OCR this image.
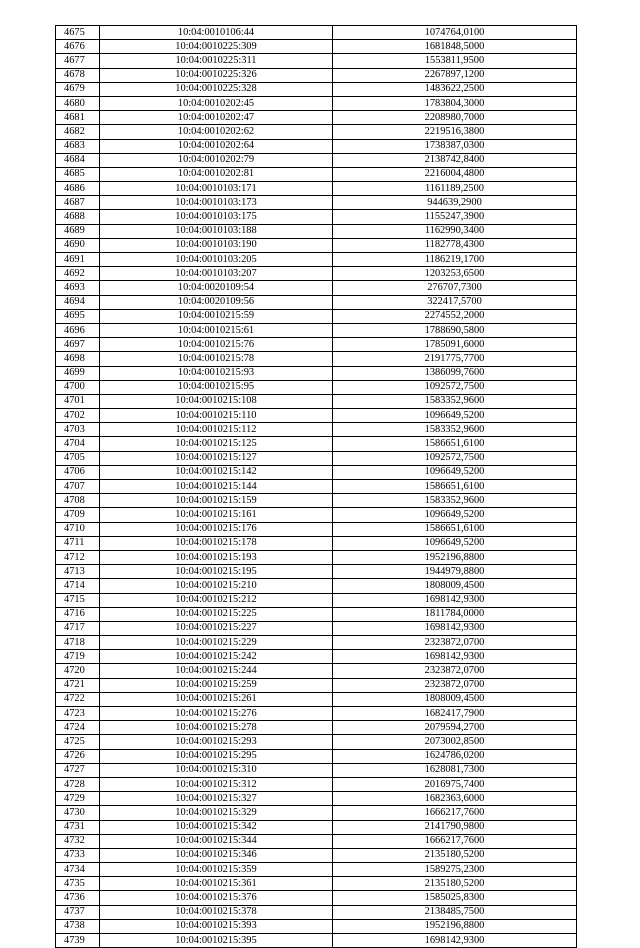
4675	10:04:0010106:44	1074764,0100
4676	10:04:0010225:309	1681848,5000
4677	10:04:0010225:311	1553811,9500
4678	10:04:0010225:326	2267897,1200
4679	10:04:0010225:328	1483622,2500
4680	10:04:0010202:45	1783804,3000
4681	10:04:0010202:47	2208980,7000
4682	10:04:0010202:62	2219516,3800
4683	10:04:0010202:64	1738387,0300
4684	10:04:0010202:79	2138742,8400
4685	10:04:0010202:81	2216004,4800
4686	10:04:0010103:171	1161189,2500
4687	10:04:0010103:173	944639,2900
4688	10:04:0010103:175	1155247,3900
4689	10:04:0010103:188	1162990,3400
4690	10:04:0010103:190	1182778,4300
4691	10:04:0010103:205	1186219,1700
4692	10:04:0010103:207	1203253,6500
4693	10:04:0020109:54	276707,7300
4694	10:04:0020109:56	322417,5700
4695	10:04:0010215:59	2274552,2000
4696	10:04:0010215:61	1788690,5800
4697	10:04:0010215:76	1785091,6000
4698	10:04:0010215:78	2191775,7700
4699	10:04:0010215:93	1386099,7600
4700	10:04:0010215:95	1092572,7500
4701	10:04:0010215:108	1583352,9600
4702	10:04:0010215:110	1096649,5200
4703	10:04:0010215:112	1583352,9600
4704	10:04:0010215:125	1586651,6100
4705	10:04:0010215:127	1092572,7500
4706	10:04:0010215:142	1096649,5200
4707	10:04:0010215:144	1586651,6100
4708	10:04:0010215:159	1583352,9600
4709	10:04:0010215:161	1096649,5200
4710	10:04:0010215:176	1586651,6100
4711	10:04:0010215:178	1096649,5200
4712	10:04:0010215:193	1952196,8800
4713	10:04:0010215:195	1944979,8800
4714	10:04:0010215:210	1808009,4500
4715	10:04:0010215:212	1698142,9300
4716	10:04:0010215:225	1811784,0000
4717	10:04:0010215:227	1698142,9300
4718	10:04:0010215:229	2323872,0700
4719	10:04:0010215:242	1698142,9300
4720	10:04:0010215:244	2323872,0700
4721	10:04:0010215:259	2323872,0700
4722	10:04:0010215:261	1808009,4500
4723	10:04:0010215:276	1682417,7900
4724	10:04:0010215:278	2079594,2700
4725	10:04:0010215:293	2073002,8500
4726	10:04:0010215:295	1624786,0200
4727	10:04:0010215:310	1628081,7300
4728	10:04:0010215:312	2016975,7400
4729	10:04:0010215:327	1682363,6000
4730	10:04:0010215:329	1666217,7600
4731	10:04:0010215:342	2141790,9800
4732	10:04:0010215:344	1666217,7600
4733	10:04:0010215:346	2135180,5200
4734	10:04:0010215:359	1589275,2300
4735	10:04:0010215:361	2135180,5200
4736	10:04:0010215:376	1585025,8300
4737	10:04:0010215:378	2138485,7500
4738	10:04:0010215:393	1952196,8800
4739	10:04:0010215:395	1698142,9300
